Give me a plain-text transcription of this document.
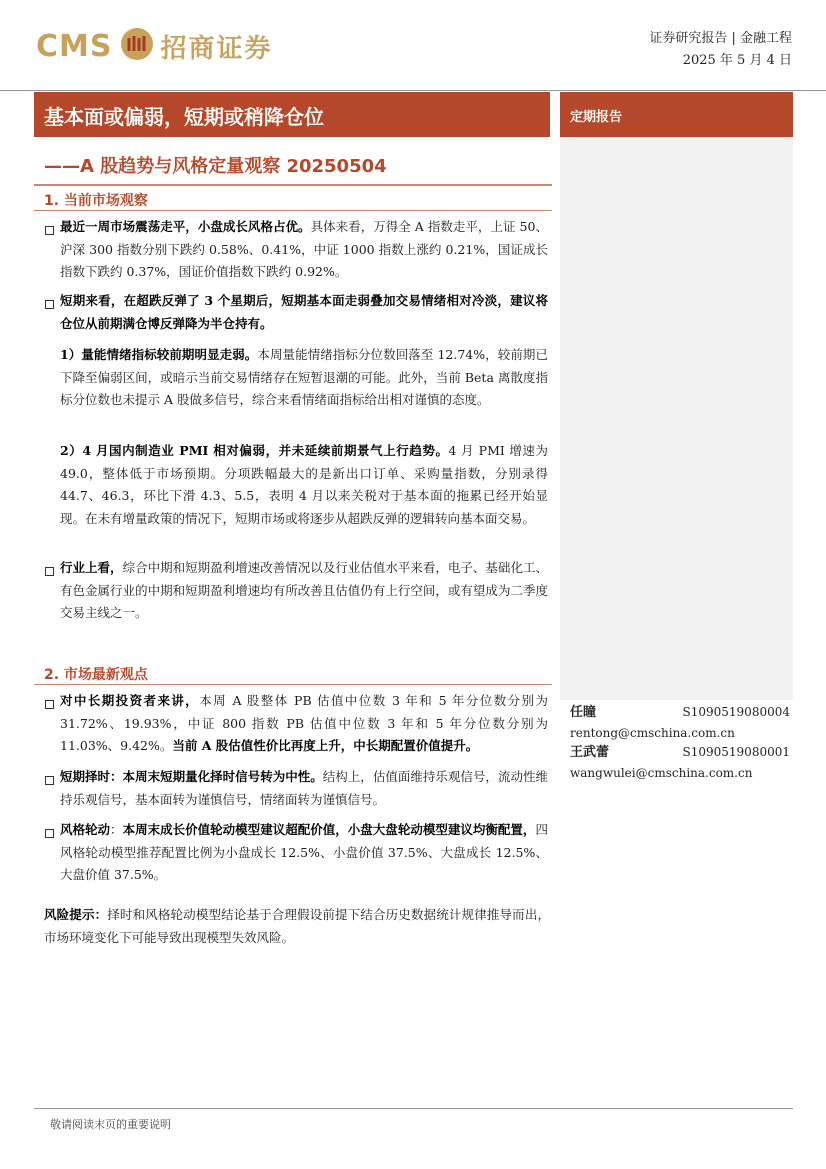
CMS 招商证券	证券研究报告 | 金融工程
2025 年 5 月 4 日
基本面或偏弱，短期或稍降仓位	定期报告
——A 股趋势与风格定量观察 20250504
1. 当前市场观察
最近一周市场震荡走平，小盘成长风格占优。具体来看，万得全 A 指数走平，上证 50、沪深 300 指数分别下跌约 0.58%、0.41%，中证 1000 指数上涨约 0.21%，国证成长指数下跌约 0.37%，国证价值指数下跌约 0.92%。
短期来看，在超跌反弹了 3 个星期后，短期基本面走弱叠加交易情绪相对冷淡，建议将仓位从前期满仓博反弹降为半仓持有。
1）量能情绪指标较前期明显走弱。本周量能情绪指标分位数回落至 12.74%，较前期已下降至偏弱区间，或暗示当前交易情绪存在短暂退潮的可能。此外，当前 Beta 离散度指标分位数也未提示 A 股做多信号，综合来看情绪面指标给出相对谨慎的态度。
2）4 月国内制造业 PMI 相对偏弱，并未延续前期景气上行趋势。4 月 PMI 增速为 49.0，整体低于市场预期。分项跌幅最大的是新出口订单、采购量指数，分别录得 44.7、46.3，环比下滑 4.3、5.5，表明 4 月以来关税对于基本面的拖累已经开始显现。在未有增量政策的情况下，短期市场或将逐步从超跌反弹的逻辑转向基本面交易。
行业上看，综合中期和短期盈利增速改善情况以及行业估值水平来看，电子、基础化工、有色金属行业的中期和短期盈利增速均有所改善且估值仍有上行空间，或有望成为二季度交易主线之一。
2. 市场最新观点
对中长期投资者来讲，本周 A 股整体 PB 估值中位数 3 年和 5 年分位数分别为 31.72%、19.93%，中证 800 指数 PB 估值中位数 3 年和 5 年分位数分别为 11.03%、9.42%。当前 A 股估值性价比再度上升，中长期配置价值提升。
短期择时：本周末短期量化择时信号转为中性。结构上，估值面维持乐观信号，流动性维持乐观信号，基本面转为谨慎信号，情绪面转为谨慎信号。
风格轮动：本周末成长价值轮动模型建议超配价值，小盘大盘轮动模型建议均衡配置，四风格轮动模型推荐配置比例为小盘成长 12.5%、小盘价值 37.5%、大盘成长 12.5%、大盘价值 37.5%。
风险提示：择时和风格轮动模型结论基于合理假设前提下结合历史数据统计规律推导而出，市场环境变化下可能导致出现模型失效风险。
任瞳	S1090519080004
rentong@cmschina.com.cn
王武蕾	S1090519080001
wangwulei@cmschina.com.cn
敬请阅读末页的重要说明
